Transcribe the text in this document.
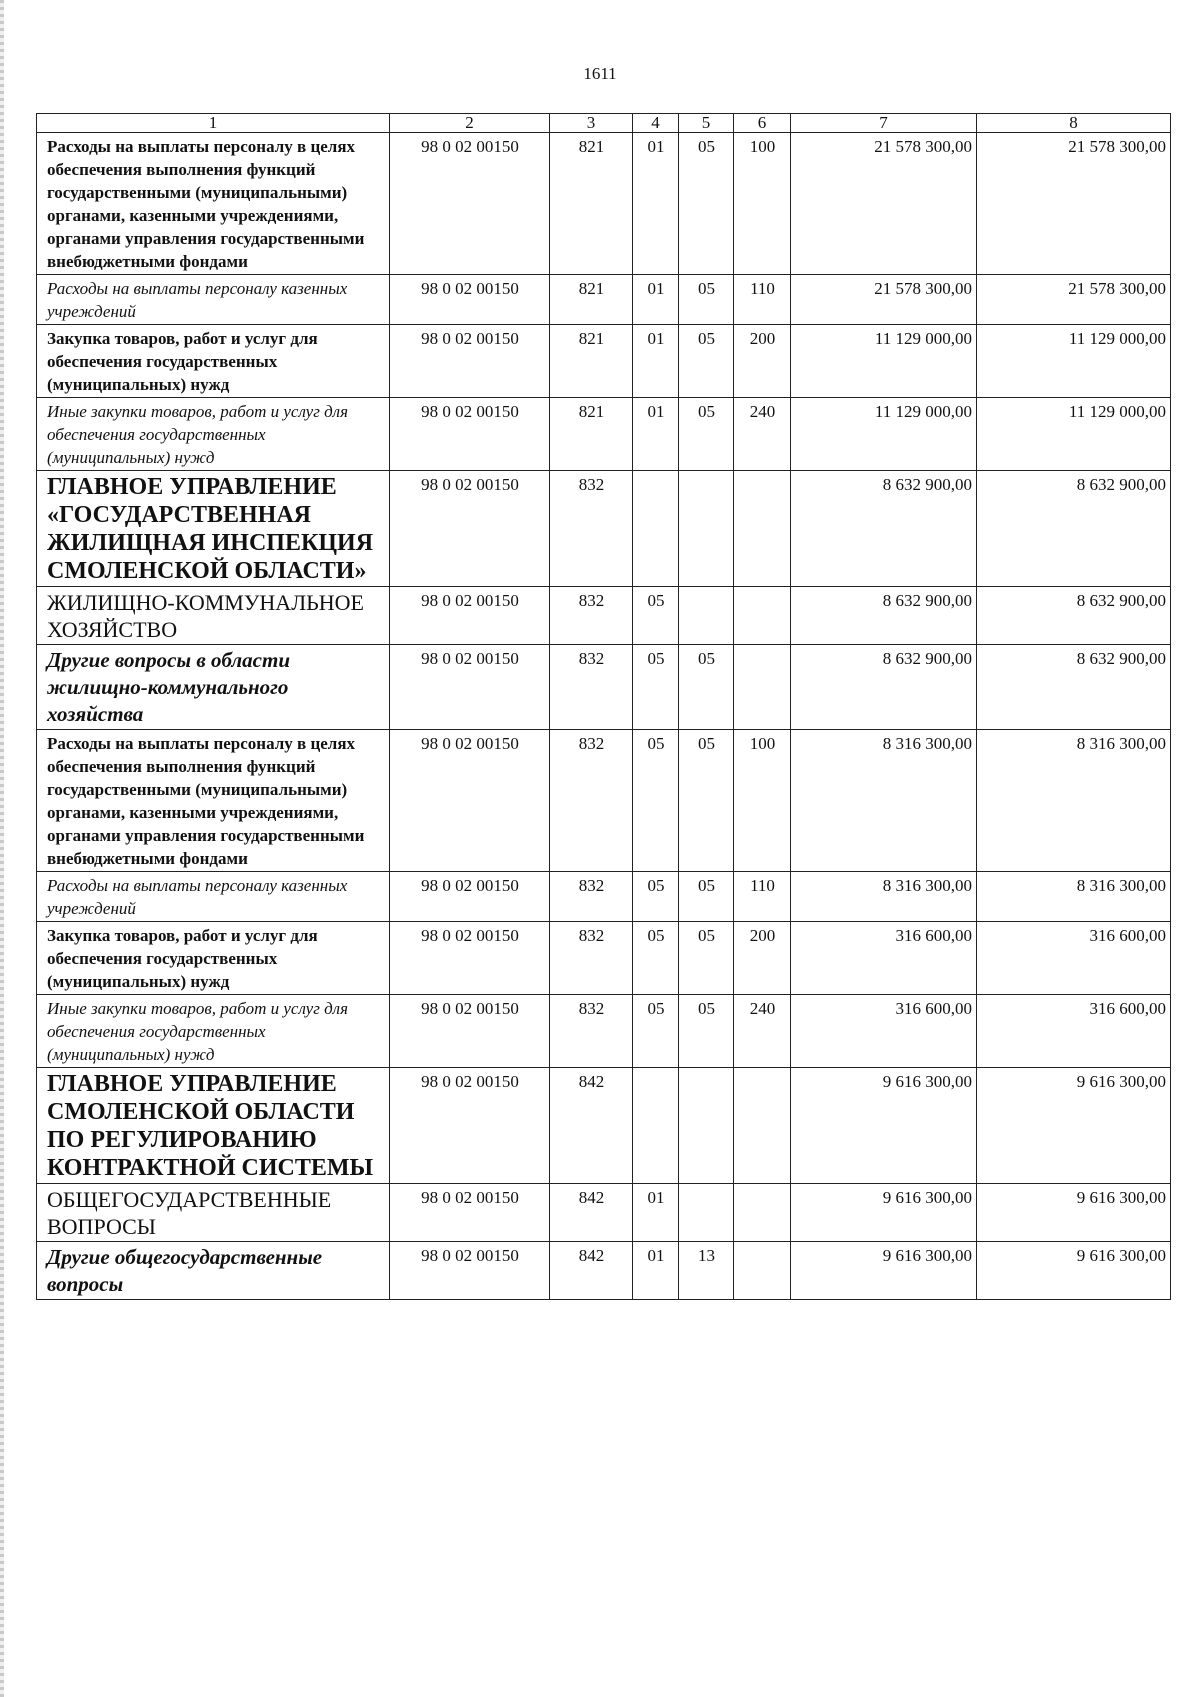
1611
1	2	3	4	5	6	7	8
Расходы на выплаты персоналу в целях обеспечения выполнения функций государственными (муниципальными) органами, казенными учреждениями, органами управления государственными внебюджетными фондами	98 0 02 00150	821	01	05	100	21 578 300,00	21 578 300,00
Расходы на выплаты персоналу казенных учреждений	98 0 02 00150	821	01	05	110	21 578 300,00	21 578 300,00
Закупка товаров, работ и услуг для обеспечения государственных (муниципальных) нужд	98 0 02 00150	821	01	05	200	11 129 000,00	11 129 000,00
Иные закупки товаров, работ и услуг для обеспечения государственных (муниципальных) нужд	98 0 02 00150	821	01	05	240	11 129 000,00	11 129 000,00
ГЛАВНОЕ УПРАВЛЕНИЕ «ГОСУДАРСТВЕННАЯ ЖИЛИЩНАЯ ИНСПЕКЦИЯ СМОЛЕНСКОЙ ОБЛАСТИ»	98 0 02 00150	832				8 632 900,00	8 632 900,00
ЖИЛИЩНО-КОММУНАЛЬНОЕ ХОЗЯЙСТВО	98 0 02 00150	832	05			8 632 900,00	8 632 900,00
Другие вопросы в области жилищно-коммунального хозяйства	98 0 02 00150	832	05	05		8 632 900,00	8 632 900,00
Расходы на выплаты персоналу в целях обеспечения выполнения функций государственными (муниципальными) органами, казенными учреждениями, органами управления государственными внебюджетными фондами	98 0 02 00150	832	05	05	100	8 316 300,00	8 316 300,00
Расходы на выплаты персоналу казенных учреждений	98 0 02 00150	832	05	05	110	8 316 300,00	8 316 300,00
Закупка товаров, работ и услуг для обеспечения государственных (муниципальных) нужд	98 0 02 00150	832	05	05	200	316 600,00	316 600,00
Иные закупки товаров, работ и услуг для обеспечения государственных (муниципальных) нужд	98 0 02 00150	832	05	05	240	316 600,00	316 600,00
ГЛАВНОЕ УПРАВЛЕНИЕ СМОЛЕНСКОЙ ОБЛАСТИ ПО РЕГУЛИРОВАНИЮ КОНТРАКТНОЙ СИСТЕМЫ	98 0 02 00150	842				9 616 300,00	9 616 300,00
ОБЩЕГОСУДАРСТВЕННЫЕ ВОПРОСЫ	98 0 02 00150	842	01			9 616 300,00	9 616 300,00
Другие общегосударственные вопросы	98 0 02 00150	842	01	13		9 616 300,00	9 616 300,00
